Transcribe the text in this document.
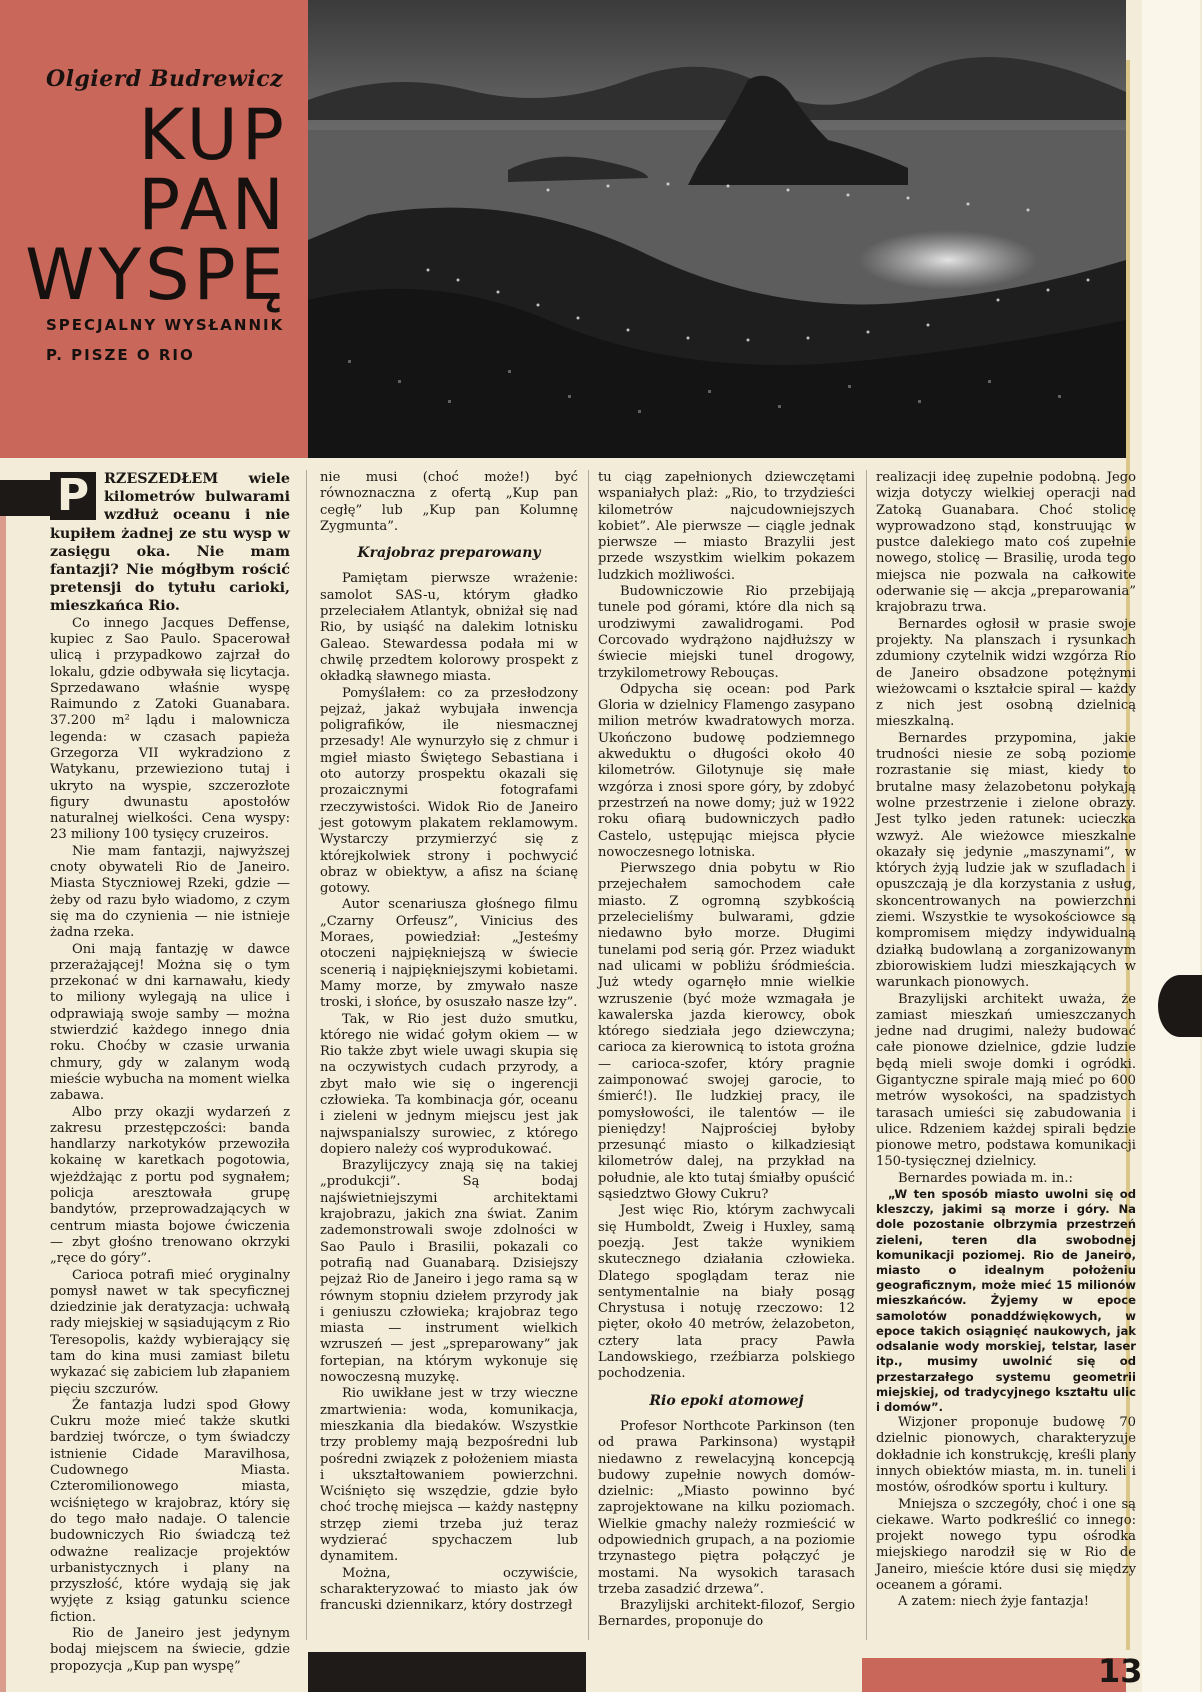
Olgierd Budrewicz
KUP
PAN
WYSPĘ
SPECJALNY WYSŁANNIK P. PISZE O RIO
P	RZESZEDŁEM wiele kilometrów bulwarami wzdłuż oceanu i nie kupiłem żadnej ze stu wysp w zasięgu oka. Nie mam fantazji? Nie mógłbym rościć pretensji do tytułu carioki, mieszkańca Rio.

Co innego Jacques Deffense, kupiec z Sao Paulo. Spacerował ulicą i przypadkowo zajrzał do lokalu, gdzie odbywała się licytacja. Sprzedawano właśnie wyspę Raimundo z Zatoki Guanabara. 37.200 m² lądu i malownicza legenda: w czasach papieża Grzegorza VII wykradziono z Watykanu, przewieziono tutaj i ukryto na wyspie, szczerozłote figury dwunastu apostołów naturalnej wielkości. Cena wyspy: 23 miliony 100 tysięcy cruzeiros.

Nie mam fantazji, najwyższej cnoty obywateli Rio de Janeiro. Miasta Styczniowej Rzeki, gdzie — żeby od razu było wiadomo, z czym się ma do czynienia — nie istnieje żadna rzeka.

Oni mają fantazję w dawce przerażającej! Można się o tym przekonać w dni karnawału, kiedy to miliony wylegają na ulice i odprawiają swoje samby — można stwierdzić każdego innego dnia roku. Choćby w czasie urwania chmury, gdy w zalanym wodą mieście wybucha na moment wielka zabawa.

Albo przy okazji wydarzeń z zakresu przestępczości: banda handlarzy narkotyków przewoziła kokainę w karetkach pogotowia, wjeżdżając z portu pod sygnałem; policja aresztowała grupę bandytów, przeprowadzających w centrum miasta bojowe ćwiczenia — zbyt głośno trenowano okrzyki „ręce do góry”.

Carioca potrafi mieć oryginalny pomysł nawet w tak specyficznej dziedzinie jak deratyzacja: uchwałą rady miejskiej w sąsiadującym z Rio Teresopolis, każdy wybierający się tam do kina musi zamiast biletu wykazać się zabiciem lub złapaniem pięciu szczurów.

Że fantazja ludzi spod Głowy Cukru może mieć także skutki bardziej twórcze, o tym świadczy istnienie Cidade Maravilhosa, Cudownego Miasta. Czteromilionowego miasta, wciśniętego w krajobraz, który się do tego mało nadaje. O talencie budowniczych Rio świadczą też odważne realizacje projektów urbanistycznych i plany na przyszłość, które wydają się jak wyjęte z ksiąg gatunku science fiction.

Rio de Janeiro jest jedynym bodaj miejscem na świecie, gdzie propozycja „Kup pan wyspę”

nie musi (choć może!) być równoznaczna z ofertą „Kup pan cegłę” lub „Kup pan Kolumnę Zygmunta”.

Krajobraz preparowany

Pamiętam pierwsze wrażenie: samolot SAS-u, którym gładko przeleciałem Atlantyk, obniżał się nad Rio, by usiąść na dalekim lotnisku Galeao. Stewardessa podała mi w chwilę przedtem kolorowy prospekt z okładką sławnego miasta.

Pomyślałem: co za przesłodzony pejzaż, jakaż wybujała inwencja poligrafików, ile niesmacznej przesady! Ale wynurzyło się z chmur i mgieł miasto Świętego Sebastiana i oto autorzy prospektu okazali się prozaicznymi fotografami rzeczywistości. Widok Rio de Janeiro jest gotowym plakatem reklamowym. Wystarczy przymierzyć się z którejkolwiek strony i pochwycić obraz w obiektyw, a afisz na ścianę gotowy.

Autor scenariusza głośnego filmu „Czarny Orfeusz”, Vinicius des Moraes, powiedział: „Jesteśmy otoczeni najpiękniejszą w świecie scenerią i najpiękniejszymi kobietami. Mamy morze, by zmywało nasze troski, i słońce, by osuszało nasze łzy”.

Tak, w Rio jest dużo smutku, którego nie widać gołym okiem — w Rio także zbyt wiele uwagi skupia się na oczywistych cudach przyrody, a zbyt mało wie się o ingerencji człowieka. Ta kombinacja gór, oceanu i zieleni w jednym miejscu jest jak najwspanialszy surowiec, z którego dopiero należy coś wyprodukować.

Brazylijczycy znają się na takiej „produkcji”. Są bodaj najświetniejszymi architektami krajobrazu, jakich zna świat. Zanim zademonstrowali swoje zdolności w Sao Paulo i Brasilii, pokazali co potrafią nad Guanabarą. Dzisiejszy pejzaż Rio de Janeiro i jego rama są w równym stopniu dziełem przyrody jak i geniuszu człowieka; krajobraz tego miasta — instrument wielkich wzruszeń — jest „spreparowany” jak fortepian, na którym wykonuje się nowoczesną muzykę.

Rio uwikłane jest w trzy wieczne zmartwienia: woda, komunikacja, mieszkania dla biedaków. Wszystkie trzy problemy mają bezpośredni lub pośredni związek z położeniem miasta i ukształtowaniem powierzchni. Wciśnięto się wszędzie, gdzie było choć trochę miejsca — każdy następny strzęp ziemi trzeba już teraz wydzierać spychaczem lub dynamitem.

Można, oczywiście, scharakteryzować to miasto jak ów francuski dziennikarz, który dostrzegł

tu ciąg zapełnionych dziewczętami wspaniałych plaż: „Rio, to trzydzieści kilometrów najcudowniejszych kobiet”. Ale pierwsze — ciągle jednak pierwsze — miasto Brazylii jest przede wszystkim wielkim pokazem ludzkich możliwości.

Budowniczowie Rio przebijają tunele pod górami, które dla nich są urodziwymi zawalidrogami. Pod Corcovado wydrążono najdłuższy w świecie miejski tunel drogowy, trzykilometrowy Rebouças.

Odpycha się ocean: pod Park Gloria w dzielnicy Flamengo zasypano milion metrów kwadratowych morza. Ukończono budowę podziemnego akweduktu o długości około 40 kilometrów. Gilotynuje się małe wzgórza i znosi spore góry, by zdobyć przestrzeń na nowe domy; już w 1922 roku ofiarą budowniczych padło Castelo, ustępując miejsca płycie nowoczesnego lotniska.

Pierwszego dnia pobytu w Rio przejechałem samochodem całe miasto. Z ogromną szybkością przelecieliśmy bulwarami, gdzie niedawno było morze. Długimi tunelami pod serią gór. Przez wiadukt nad ulicami w pobliżu śródmieścia. Już wtedy ogarnęło mnie wielkie wzruszenie (być może wzmagała je kawalerska jazda kierowcy, obok którego siedziała jego dziewczyna; carioca za kierownicą to istota groźna — carioca-szofer, który pragnie zaimponować swojej garocie, to śmierć!). Ile ludzkiej pracy, ile pomysłowości, ile talentów — ile pieniędzy! Najprościej byłoby przesunąć miasto o kilkadziesiąt kilometrów dalej, na przykład na południe, ale kto tutaj śmiałby opuścić sąsiedztwo Głowy Cukru?

Jest więc Rio, którym zachwycali się Humboldt, Zweig i Huxley, samą poezją. Jest także wynikiem skutecznego działania człowieka. Dlatego spoglądam teraz nie sentymentalnie na biały posąg Chrystusa i notuję rzeczowo: 12 pięter, około 40 metrów, żelazobeton, cztery lata pracy Pawła Landowskiego, rzeźbiarza polskiego pochodzenia.

Rio epoki atomowej

Profesor Northcote Parkinson (ten od prawa Parkinsona) wystąpił niedawno z rewelacyjną koncepcją budowy zupełnie nowych domów-dzielnic: „Miasto powinno być zaprojektowane na kilku poziomach. Wielkie gmachy należy rozmieścić w odpowiednich grupach, a na poziomie trzynastego piętra połączyć je mostami. Na wysokich tarasach trzeba zasadzić drzewa”.

Brazylijski architekt-filozof, Sergio Bernardes, proponuje do

realizacji ideę zupełnie podobną. Jego wizja dotyczy wielkiej operacji nad Zatoką Guanabara. Choć stolicę wyprowadzono stąd, konstruując w pustce dalekiego mato coś zupełnie nowego, stolicę — Brasilię, uroda tego miejsca nie pozwala na całkowite oderwanie się — akcja „preparowania” krajobrazu trwa.

Bernardes ogłosił w prasie swoje projekty. Na planszach i rysunkach zdumiony czytelnik widzi wzgórza Rio de Janeiro obsadzone potężnymi wieżowcami o kształcie spiral — każdy z nich jest osobną dzielnicą mieszkalną.

Bernardes przypomina, jakie trudności niesie ze sobą poziome rozrastanie się miast, kiedy to brutalne masy żelazobetonu połykają wolne przestrzenie i zielone obrazy. Jest tylko jeden ratunek: ucieczka wzwyż. Ale wieżowce mieszkalne okazały się jedynie „maszynami”, w których żyją ludzie jak w szufladach i opuszczają je dla korzystania z usług, skoncentrowanych na powierzchni ziemi. Wszystkie te wysokościowce są kompromisem między indywidualną działką budowlaną a zorganizowanym zbiorowiskiem ludzi mieszkających w warunkach pionowych.

Brazylijski architekt uważa, że zamiast mieszkań umieszczanych jedne nad drugimi, należy budować całe pionowe dzielnice, gdzie ludzie będą mieli swoje domki i ogródki. Gigantyczne spirale mają mieć po 600 metrów wysokości, na spadzistych tarasach umieści się zabudowania i ulice. Rdzeniem każdej spirali będzie pionowe metro, podstawa komunikacji 150-tysięcznej dzielnicy.

Bernardes powiada m. in.:

„W ten sposób miasto uwolni się od kleszczy, jakimi są morze i góry. Na dole pozostanie olbrzymia przestrzeń zieleni, teren dla swobodnej komunikacji poziomej. Rio de Janeiro, miasto o idealnym położeniu geograficznym, może mieć 15 milionów mieszkańców. Żyjemy w epoce samolotów ponaddźwiękowych, w epoce takich osiągnięć naukowych, jak odsalanie wody morskiej, telstar, laser itp., musimy uwolnić się od przestarzałego systemu geometrii miejskiej, od tradycyjnego kształtu ulic i domów”.

Wizjoner proponuje budowę 70 dzielnic pionowych, charakteryzuje dokładnie ich konstrukcję, kreśli plany innych obiektów miasta, m. in. tuneli i mostów, ośrodków sportu i kultury.

Mniejsza o szczegóły, choć i one są ciekawe. Warto podkreślić co innego: projekt nowego typu ośrodka miejskiego narodził się w Rio de Janeiro, mieście które dusi się między oceanem a górami.

A zatem: niech żyje fantazja!

13
